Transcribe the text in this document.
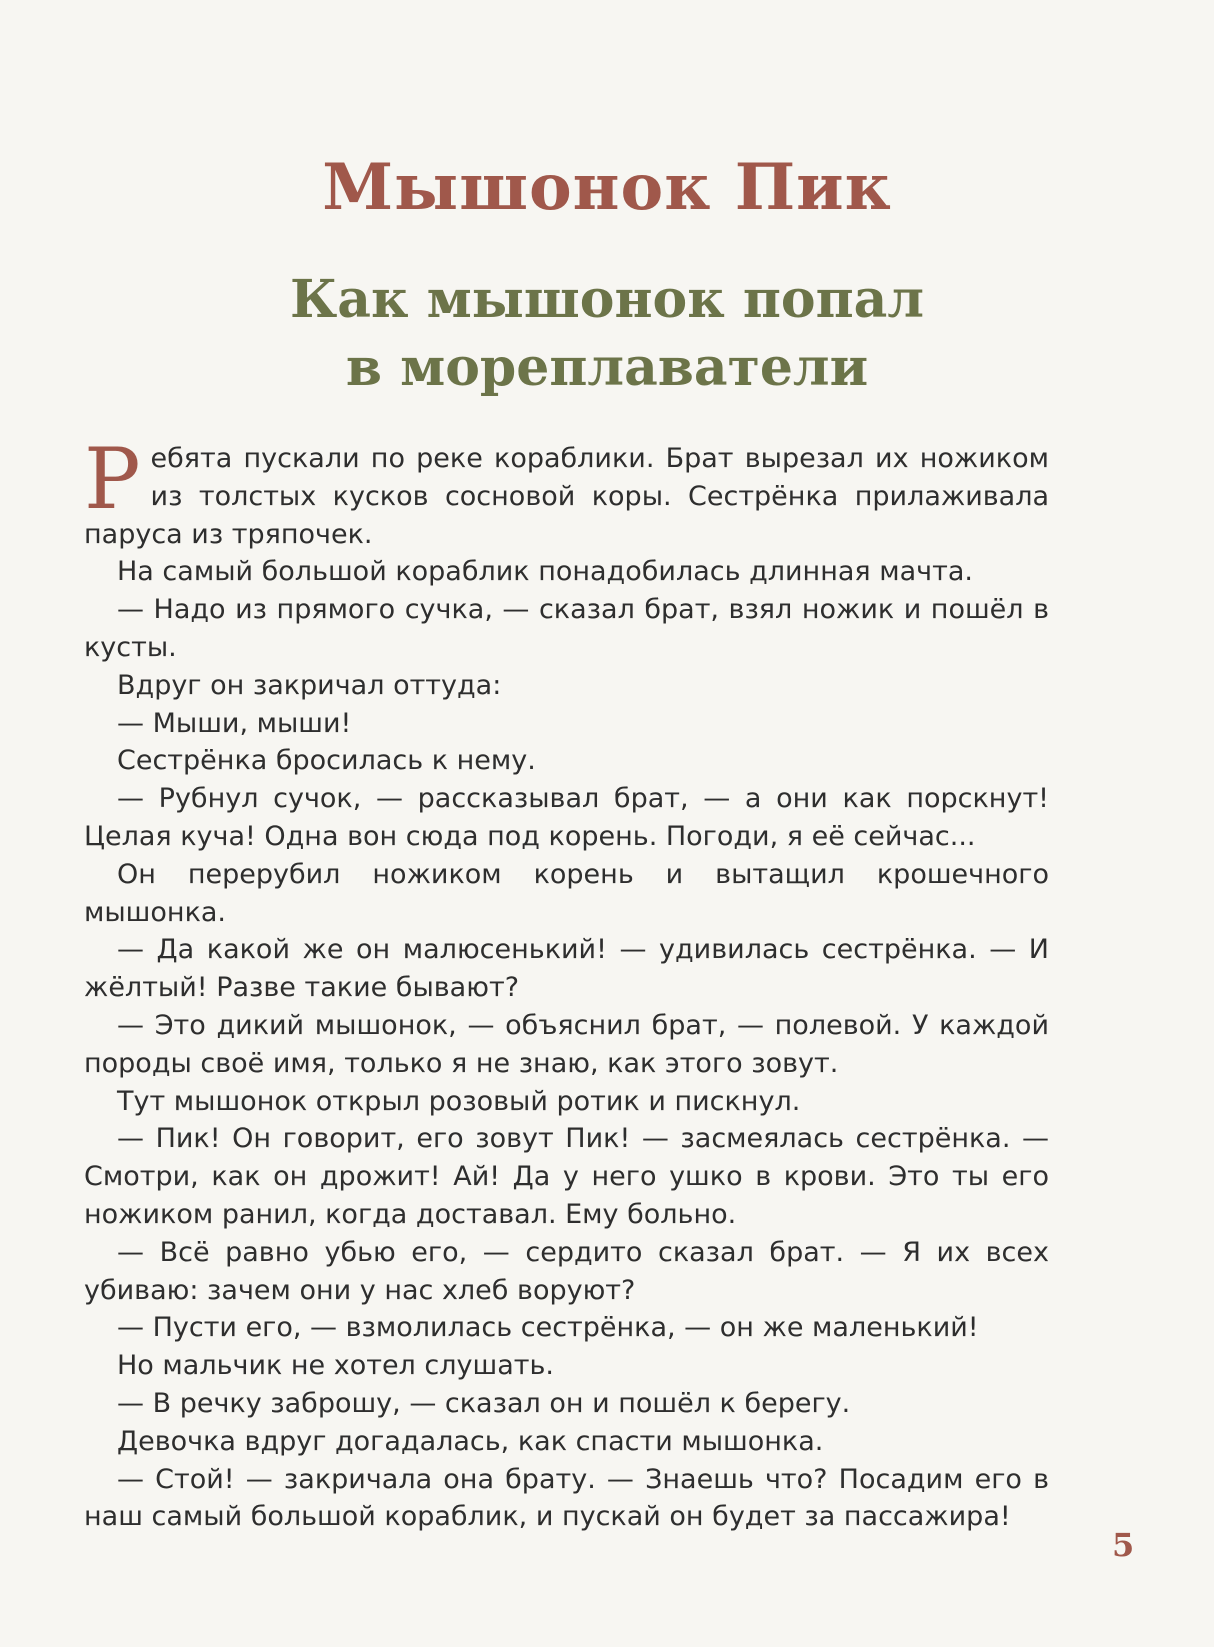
Мышонок Пик
Как мышонок попал
в мореплаватели

Ребята пускали по реке кораблики. Брат вырезал их ножиком из толстых кусков сосновой коры. Сестрёнка прилаживала паруса из тряпочек.

На самый большой кораблик понадобилась длинная мачта.

— Надо из прямого сучка, — сказал брат, взял ножик и пошёл в кусты.

Вдруг он закричал оттуда:

— Мыши, мыши!

Сестрёнка бросилась к нему.

— Рубнул сучок, — рассказывал брат, — а они как порскнут! Целая куча! Одна вон сюда под корень. Погоди, я её сейчас...

Он перерубил ножиком корень и вытащил крошечного мышонка.

— Да какой же он малюсенький! — удивилась сестрёнка. — И жёлтый! Разве такие бывают?

— Это дикий мышонок, — объяснил брат, — полевой. У каждой породы своё имя, только я не знаю, как этого зовут.

Тут мышонок открыл розовый ротик и пискнул.

— Пик! Он говорит, его зовут Пик! — засмеялась сестрёнка. — Смотри, как он дрожит! Ай! Да у него ушко в крови. Это ты его ножиком ранил, когда доставал. Ему больно.

— Всё равно убью его, — сердито сказал брат. — Я их всех убиваю: зачем они у нас хлеб воруют?

— Пусти его, — взмолилась сестрёнка, — он же маленький!

Но мальчик не хотел слушать.

— В речку заброшу, — сказал он и пошёл к берегу.

Девочка вдруг догадалась, как спасти мышонка.

— Стой! — закричала она брату. — Знаешь что? Посадим его в наш самый большой кораблик, и пускай он будет за пассажира!

5
